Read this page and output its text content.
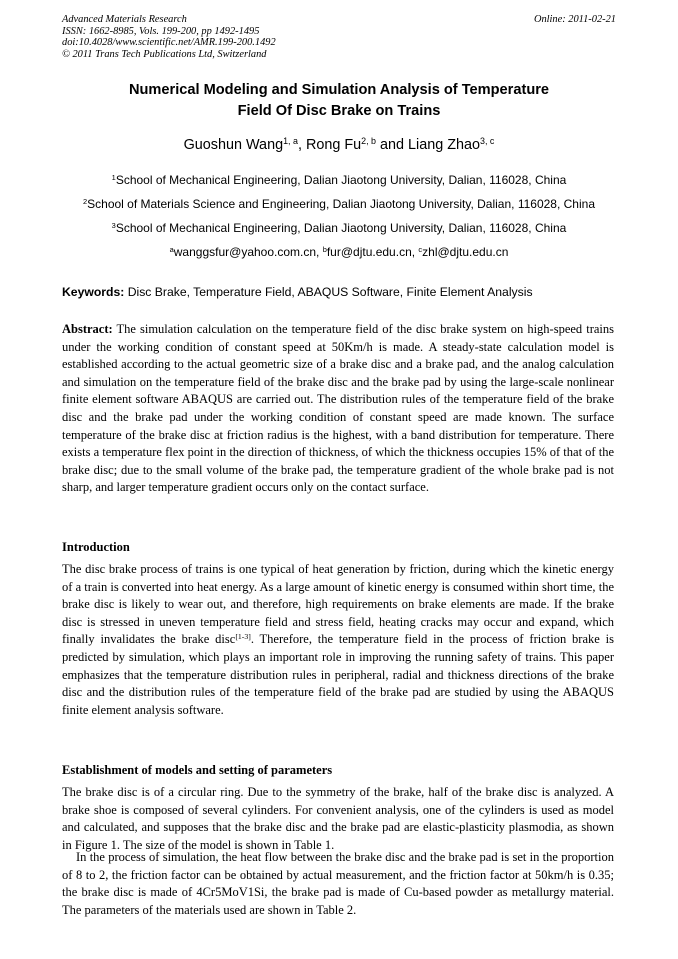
Advanced Materials Research
ISSN: 1662-8985, Vols. 199-200, pp 1492-1495
doi:10.4028/www.scientific.net/AMR.199-200.1492
© 2011 Trans Tech Publications Ltd, Switzerland
Online: 2011-02-21
Numerical Modeling and Simulation Analysis of Temperature
Field Of Disc Brake on Trains
Guoshun Wang$^{1, a}$, Rong Fu$^{2, b}$ and Liang Zhao$^{3, c}$
$^1$School of Mechanical Engineering, Dalian Jiaotong University, Dalian, 116028, China
$^2$School of Materials Science and Engineering, Dalian Jiaotong University, Dalian, 116028, China
$^3$School of Mechanical Engineering, Dalian Jiaotong University, Dalian, 116028, China
$^a$wanggsfur@yahoo.com.cn, $^b$fur@djtu.edu.cn, $^c$zhl@djtu.edu.cn
Keywords: Disc Brake, Temperature Field, ABAQUS Software, Finite Element Analysis
Abstract: The simulation calculation on the temperature field of the disc brake system on high-speed trains under the working condition of constant speed at 50Km/h is made. A steady-state calculation model is established according to the actual geometric size of a brake disc and a brake pad, and the analog calculation and simulation on the temperature field of the brake disc and the brake pad by using the large-scale nonlinear finite element software ABAQUS are carried out. The distribution rules of the temperature field of the brake disc and the brake pad under the working condition of constant speed are made known. The surface temperature of the brake disc at friction radius is the highest, with a band distribution for temperature. There exists a temperature flex point in the direction of thickness, of which the thickness occupies 15% of that of the brake disc; due to the small volume of the brake pad, the temperature gradient of the whole brake pad is not sharp, and larger temperature gradient occurs only on the contact surface.
Introduction
The disc brake process of trains is one typical of heat generation by friction, during which the kinetic energy of a train is converted into heat energy. As a large amount of kinetic energy is consumed within short time, the brake disc is likely to wear out, and therefore, high requirements on brake elements are made. If the brake disc is stressed in uneven temperature field and stress field, heating cracks may occur and expand, which finally invalidates the brake disc[1-3]. Therefore, the temperature field in the process of friction brake is predicted by simulation, which plays an important role in improving the running safety of trains. This paper emphasizes that the temperature distribution rules in peripheral, radial and thickness directions of the brake disc and the distribution rules of the temperature field of the brake pad are studied by using the ABAQUS finite element analysis software.
Establishment of models and setting of parameters
The brake disc is of a circular ring. Due to the symmetry of the brake, half of the brake disc is analyzed. A brake shoe is composed of several cylinders. For convenient analysis, one of the cylinders is used as model and calculated, and supposes that the brake disc and the brake pad are elastic-plasticity plasmodia, as shown in Figure 1. The size of the model is shown in Table 1.
In the process of simulation, the heat flow between the brake disc and the brake pad is set in the proportion of 8 to 2, the friction factor can be obtained by actual measurement, and the friction factor at 50km/h is 0.35; the brake disc is made of 4Cr5MoV1Si, the brake pad is made of Cu-based powder as metallurgy material. The parameters of the materials used are shown in Table 2.
